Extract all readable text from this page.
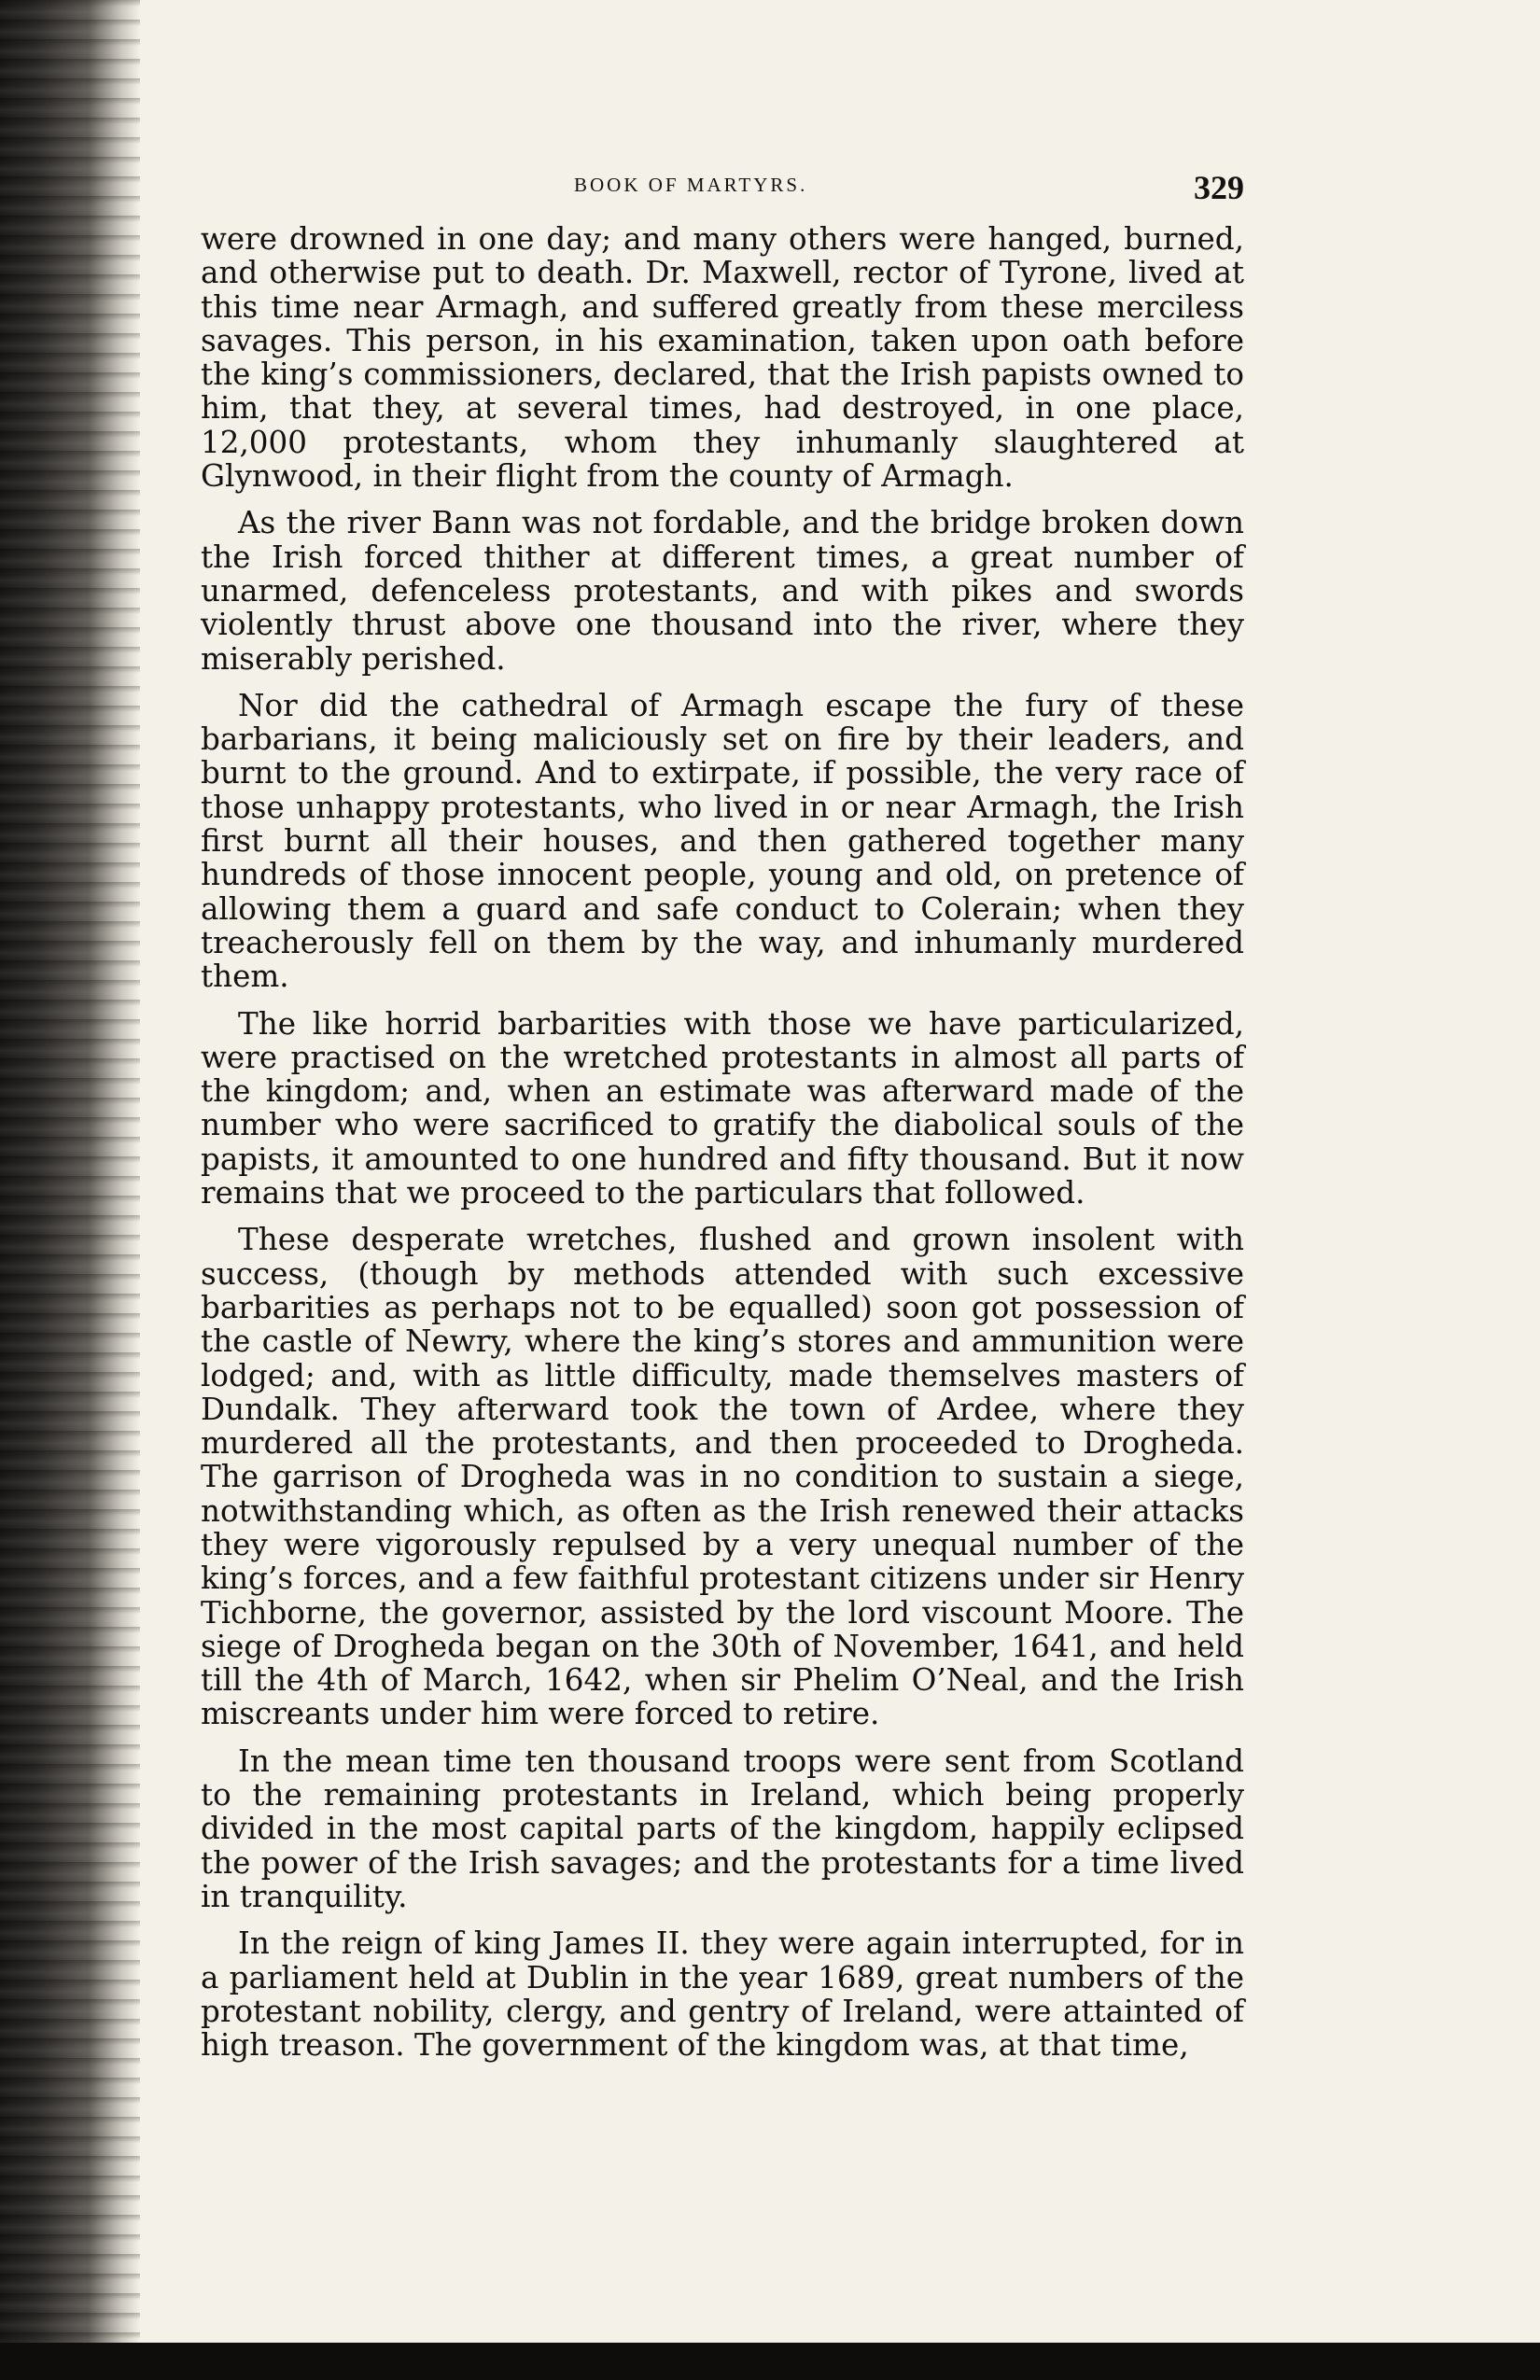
BOOK OF MARTYRS.	329

were drowned in one day; and many others were hanged, burned, and otherwise put to death. Dr. Maxwell, rector of Tyrone, lived at this time near Armagh, and suffered greatly from these merciless savages. This person, in his examination, taken upon oath before the king’s commissioners, declared, that the Irish papists owned to him, that they, at several times, had destroyed, in one place, 12,000 protestants, whom they inhumanly slaughtered at Glynwood, in their flight from the county of Armagh.

As the river Bann was not fordable, and the bridge broken down the Irish forced thither at different times, a great number of unarmed, defenceless protestants, and with pikes and swords violently thrust above one thousand into the river, where they miserably perished.

Nor did the cathedral of Armagh escape the fury of these barbarians, it being maliciously set on fire by their leaders, and burnt to the ground. And to extirpate, if possible, the very race of those unhappy protestants, who lived in or near Armagh, the Irish first burnt all their houses, and then gathered together many hundreds of those innocent people, young and old, on pretence of allowing them a guard and safe conduct to Colerain; when they treacherously fell on them by the way, and inhumanly murdered them.

The like horrid barbarities with those we have particularized, were practised on the wretched protestants in almost all parts of the kingdom; and, when an estimate was afterward made of the number who were sacrificed to gratify the diabolical souls of the papists, it amounted to one hundred and fifty thousand. But it now remains that we proceed to the particulars that followed.

These desperate wretches, flushed and grown insolent with success, (though by methods attended with such excessive barbarities as perhaps not to be equalled) soon got possession of the castle of Newry, where the king’s stores and ammunition were lodged; and, with as little difficulty, made themselves masters of Dundalk. They afterward took the town of Ardee, where they murdered all the protestants, and then proceeded to Drogheda. The garrison of Drogheda was in no condition to sustain a siege, notwithstanding which, as often as the Irish renewed their attacks they were vigorously repulsed by a very unequal number of the king’s forces, and a few faithful protestant citizens under sir Henry Tichborne, the governor, assisted by the lord viscount Moore. The siege of Drogheda began on the 30th of November, 1641, and held till the 4th of March, 1642, when sir Phelim O’Neal, and the Irish miscreants under him were forced to retire.

In the mean time ten thousand troops were sent from Scotland to the remaining protestants in Ireland, which being properly divided in the most capital parts of the kingdom, happily eclipsed the power of the Irish savages; and the protestants for a time lived in tranquility.

In the reign of king James II. they were again interrupted, for in a parliament held at Dublin in the year 1689, great numbers of the protestant nobility, clergy, and gentry of Ireland, were attainted of high treason. The government of the kingdom was, at that time,
